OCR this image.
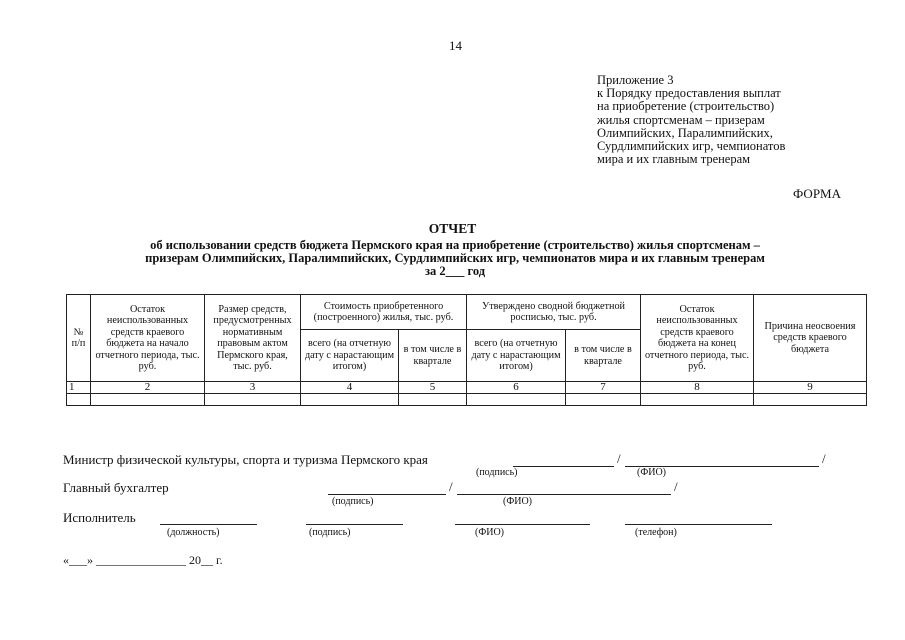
14
Приложение 3
к Порядку предоставления выплат
на приобретение (строительство)
жилья спортсменам – призерам
Олимпийских, Паралимпийских,
Сурдлимпийских игр, чемпионатов
мира и их главным тренерам
ФОРМА
ОТЧЕТ
об использовании средств бюджета Пермского края на приобретение (строительство) жилья спортсменам –
призерам Олимпийских, Паралимпийских, Сурдлимпийских игр, чемпионатов мира и их главным тренерам
за 2___ год
№ п/п	Остаток неиспользованных средств краевого бюджета на начало отчетного периода, тыс. руб.	Размер средств, предусмотренных нормативным правовым актом Пермского края, тыс. руб.	Стоимость приобретенного (построенного) жилья, тыс. руб.		Утверждено сводной бюджетной росписью, тыс. руб.		Остаток неиспользованных средств краевого бюджета на конец отчетного периода, тыс. руб.	Причина неосвоения средств краевого бюджета
			всего (на отчетную дату с нарастающим итогом)	в том числе в квартале	всего (на отчетную дату с нарастающим итогом)	в том числе в квартале		
1	2	3	4	5	6	7	8	9

Министр физической культуры, спорта и туризма Пермского края	/	/
(подпись)	(ФИО)
Главный бухгалтер	/	/
(подпись)	(ФИО)
Исполнитель
(должность)	(подпись)	(ФИО)	(телефон)
«___» _______________ 20__ г.
